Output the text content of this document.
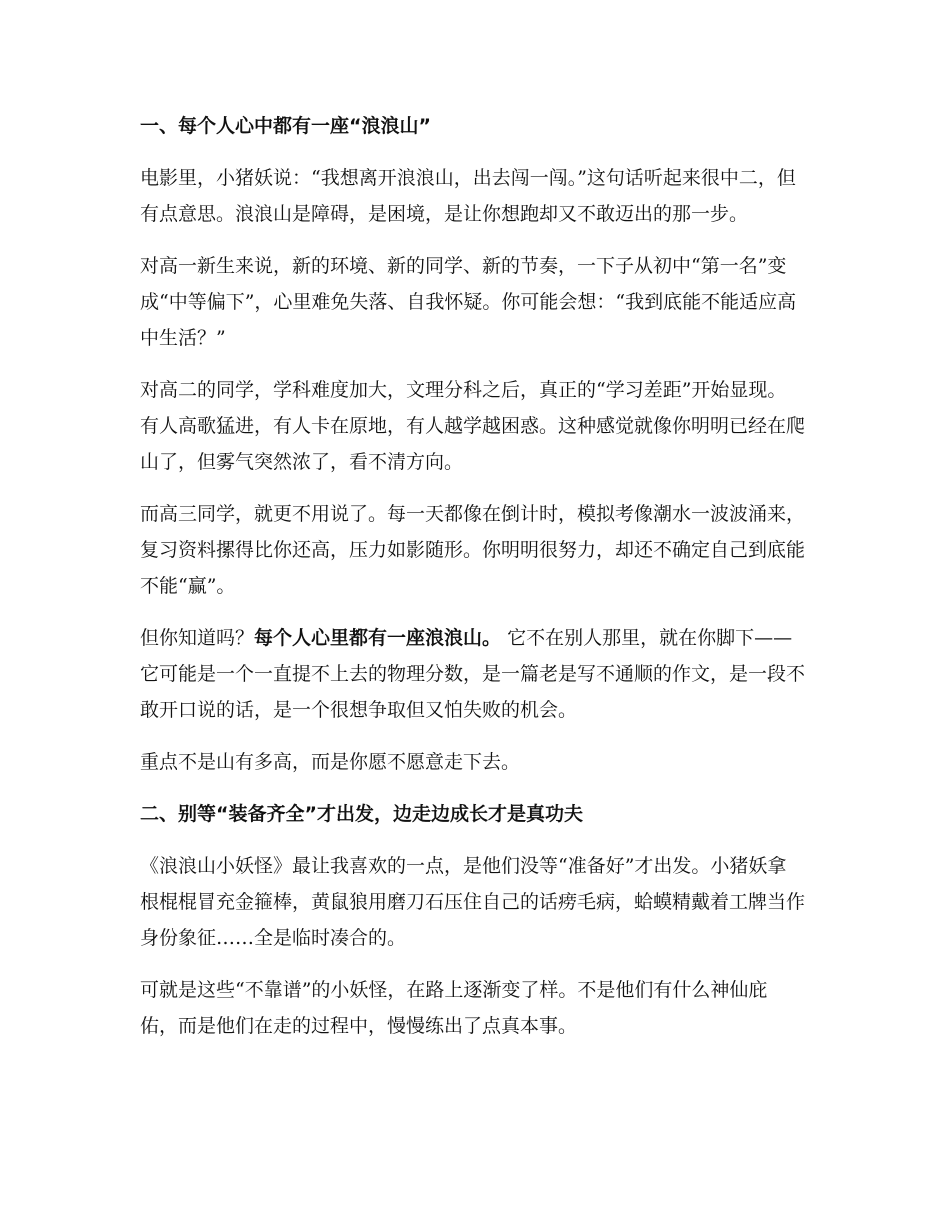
一、每个人心中都有一座“浪浪山”

电影里，小猪妖说：“我想离开浪浪山，出去闯一闯。”这句话听起来很中二，但有点意思。浪浪山是障碍，是困境，是让你想跑却又不敢迈出的那一步。

对高一新生来说，新的环境、新的同学、新的节奏，一下子从初中“第一名”变成“中等偏下”，心里难免失落、自我怀疑。你可能会想：“我到底能不能适应高中生活？”

对高二的同学，学科难度加大，文理分科之后，真正的“学习差距”开始显现。有人高歌猛进，有人卡在原地，有人越学越困惑。这种感觉就像你明明已经在爬山了，但雾气突然浓了，看不清方向。

而高三同学，就更不用说了。每一天都像在倒计时，模拟考像潮水一波波涌来，复习资料摞得比你还高，压力如影随形。你明明很努力，却还不确定自己到底能不能“赢”。

但你知道吗？每个人心里都有一座浪浪山。 它不在别人那里，就在你脚下——它可能是一个一直提不上去的物理分数，是一篇老是写不通顺的作文，是一段不敢开口说的话，是一个很想争取但又怕失败的机会。

重点不是山有多高，而是你愿不愿意走下去。

二、别等“装备齐全”才出发，边走边成长才是真功夫

《浪浪山小妖怪》最让我喜欢的一点，是他们没等“准备好”才出发。小猪妖拿根棍棍冒充金箍棒，黄鼠狼用磨刀石压住自己的话痨毛病，蛤蟆精戴着工牌当作身份象征……全是临时凑合的。

可就是这些“不靠谱”的小妖怪，在路上逐渐变了样。不是他们有什么神仙庇佑，而是他们在走的过程中，慢慢练出了点真本事。
